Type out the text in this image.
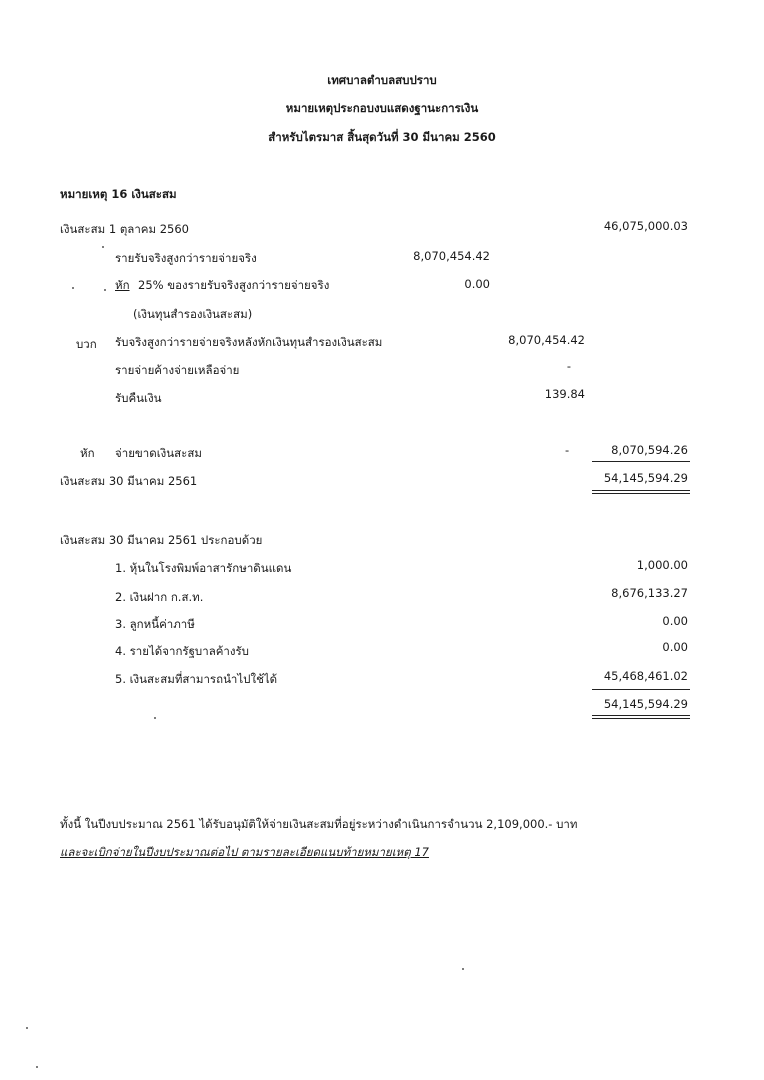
เทศบาลตำบลสบปราบ
หมายเหตุประกอบงบแสดงฐานะการเงิน
สำหรับไตรมาส สิ้นสุดวันที่ 30 มีนาคม 2560
หมายเหตุ 16 เงินสะสม
เงินสะสม 1 ตุลาคม 2560	46,075,000.03
รายรับจริงสูงกว่ารายจ่ายจริง	8,070,454.42
หัก 25% ของรายรับจริงสูงกว่ารายจ่ายจริง	0.00
(เงินทุนสำรองเงินสะสม)
บวก รับจริงสูงกว่ารายจ่ายจริงหลังหักเงินทุนสำรองเงินสะสม	8,070,454.42
รายจ่ายค้างจ่ายเหลือจ่าย	-
รับคืนเงิน	139.84
หัก จ่ายขาดเงินสะสม	-	8,070,594.26
เงินสะสม 30 มีนาคม 2561	54,145,594.29
เงินสะสม 30 มีนาคม 2561 ประกอบด้วย
1. หุ้นในโรงพิมพ์อาสารักษาดินแดน	1,000.00
2. เงินฝาก ก.ส.ท.	8,676,133.27
3. ลูกหนี้ค่าภาษี	0.00
4. รายได้จากรัฐบาลค้างรับ	0.00
5. เงินสะสมที่สามารถนำไปใช้ได้	45,468,461.02
54,145,594.29
ทั้งนี้ ในปีงบประมาณ 2561 ได้รับอนุมัติให้จ่ายเงินสะสมที่อยู่ระหว่างดำเนินการจำนวน 2,109,000.- บาท
และจะเบิกจ่ายในปีงบประมาณต่อไป ตามรายละเอียดแนบท้ายหมายเหตุ 17
